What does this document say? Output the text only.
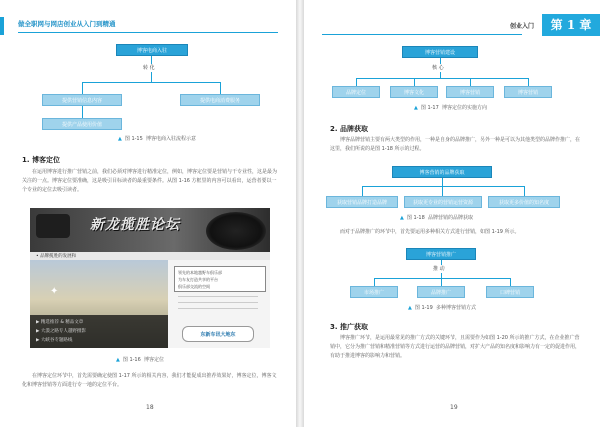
做全职网与网店创业从入门到精通
博客电商入驻
转 化
提供营销信息内容	提供电商消费服务
提供产品使用价值
▲ 图 1-15 博客电商入驻流程示意
1. 博客定位
在运用博客进行推广营销之前，我们必须对博客进行精准定位，例如，博客定位要是营销与干专业性，这是最为关注的一点。博客定位要准确，这是吸引目标读者的最重要条件。从图 1-16 方框里的内容可以看出，运营者要以一个专业的定位去吸引读者。
新龙揽胜论坛
• 品牌揽胜的发展和
✦
▶ 精选推荐 & 精品文章
▶ 大漠之路专人越野摄影
▶ 大峡谷专题路线
领先的本地越野车俱乐部
为车友打造共享的平台
俱乐部交流的空间
东新车讯大地东
▲ 图 1-16 博客定位
在博客定位环节中，首先需要确定使图 1-17 所示的相关内容，我们才能促成出推荐效果好，博客定位，博客文化和博客营销等方面进行专一地的定位平台。
18
创业入门	第 1 章
博客营销建设
核 心
品牌定位	博客文化	博客营销	博客营销
▲ 图 1-17 博客定位的实施方向
2. 品牌获取
博客品牌营销主要有两大类型的作用，一种是自身的品牌推广，另外一种是可以为其他类型的品牌作推广，在这里，我们所说的是图 1-18 所示的过程。
博客营销的品牌获取
获取营销品牌打造品牌	获取更专业的营销运营资源	获取更多价值的知名度
▲ 图 1-18 品牌营销的品牌获取
而对于品牌推广的环节中，首先要运用多种相关方式进行营销，如图 1-19 所示。
博客营销推广
推 动
市场推广	品牌推广	口碑营销
▲ 图 1-19 多种博客营销方式
3. 推广获取
博客推广环节，是运用最常见的推广方式的关键环节，且需要作为如图 1-20 所示的推广方式，在企业推广营销中，它分为推广营销和精准营销等方式进行运营的品牌营销，对扩大产品的知名度和影响力有一定的促进作用，有助于推进博客的影响力和营销。
19
